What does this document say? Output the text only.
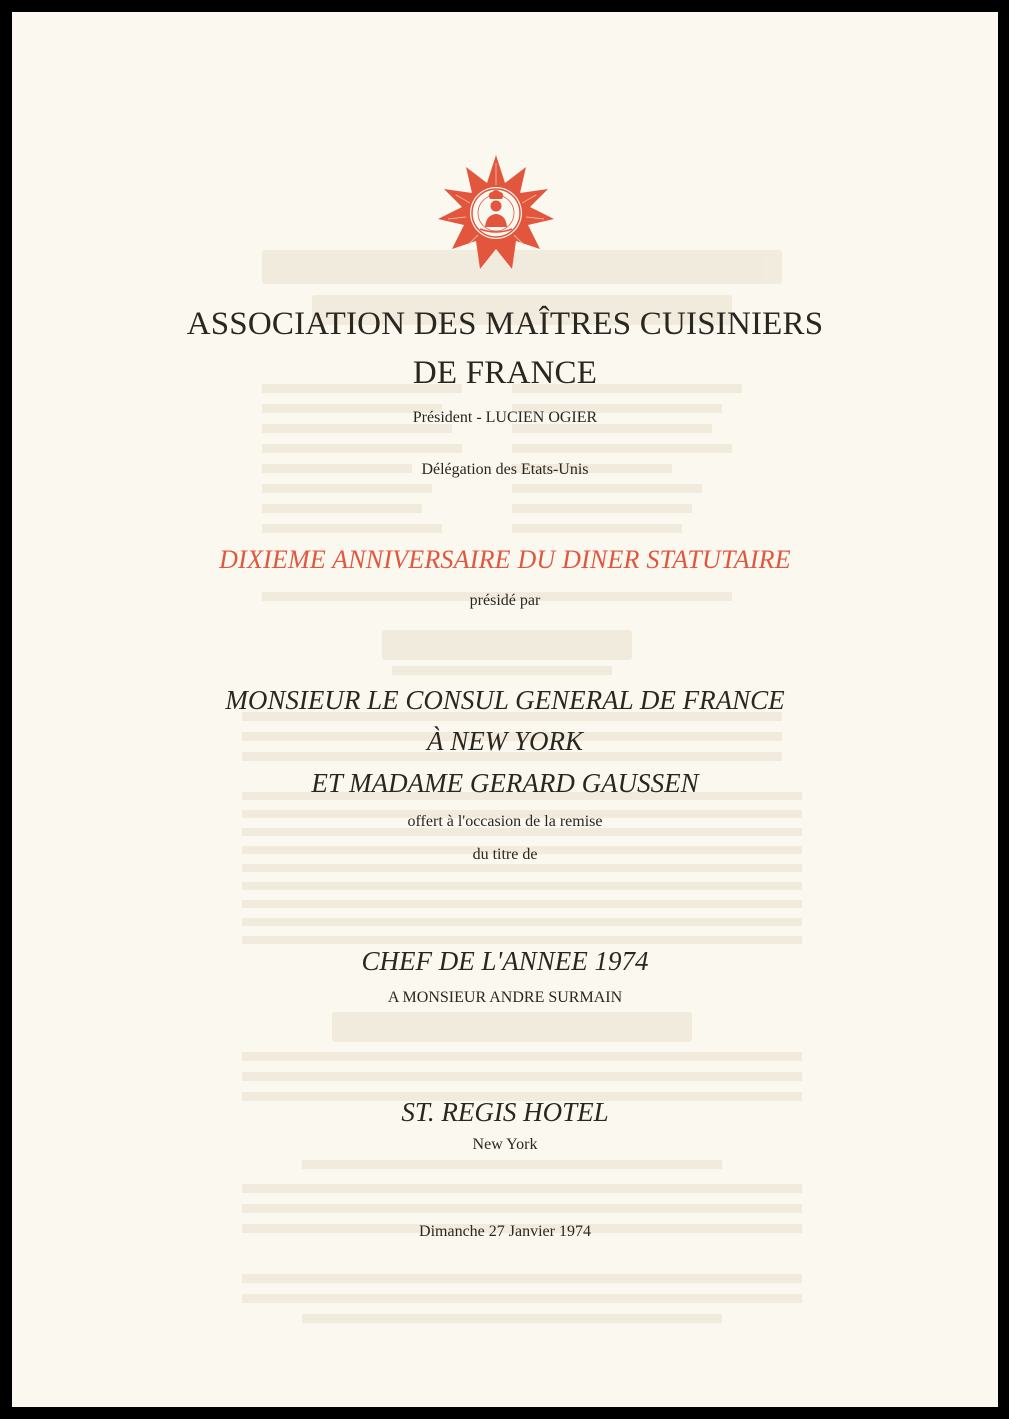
ASSOCIATION DES MAÎTRES CUISINIERS
DE FRANCE
Président - LUCIEN OGIER
Délégation des Etats-Unis
DIXIEME ANNIVERSAIRE DU DINER STATUTAIRE
présidé par
MONSIEUR LE CONSUL GENERAL DE FRANCE
À NEW YORK
ET MADAME GERARD GAUSSEN
offert à l'occasion de la remise
du titre de
CHEF DE L'ANNEE 1974
A MONSIEUR ANDRE SURMAIN
ST. REGIS HOTEL
New York
Dimanche 27 Janvier 1974
